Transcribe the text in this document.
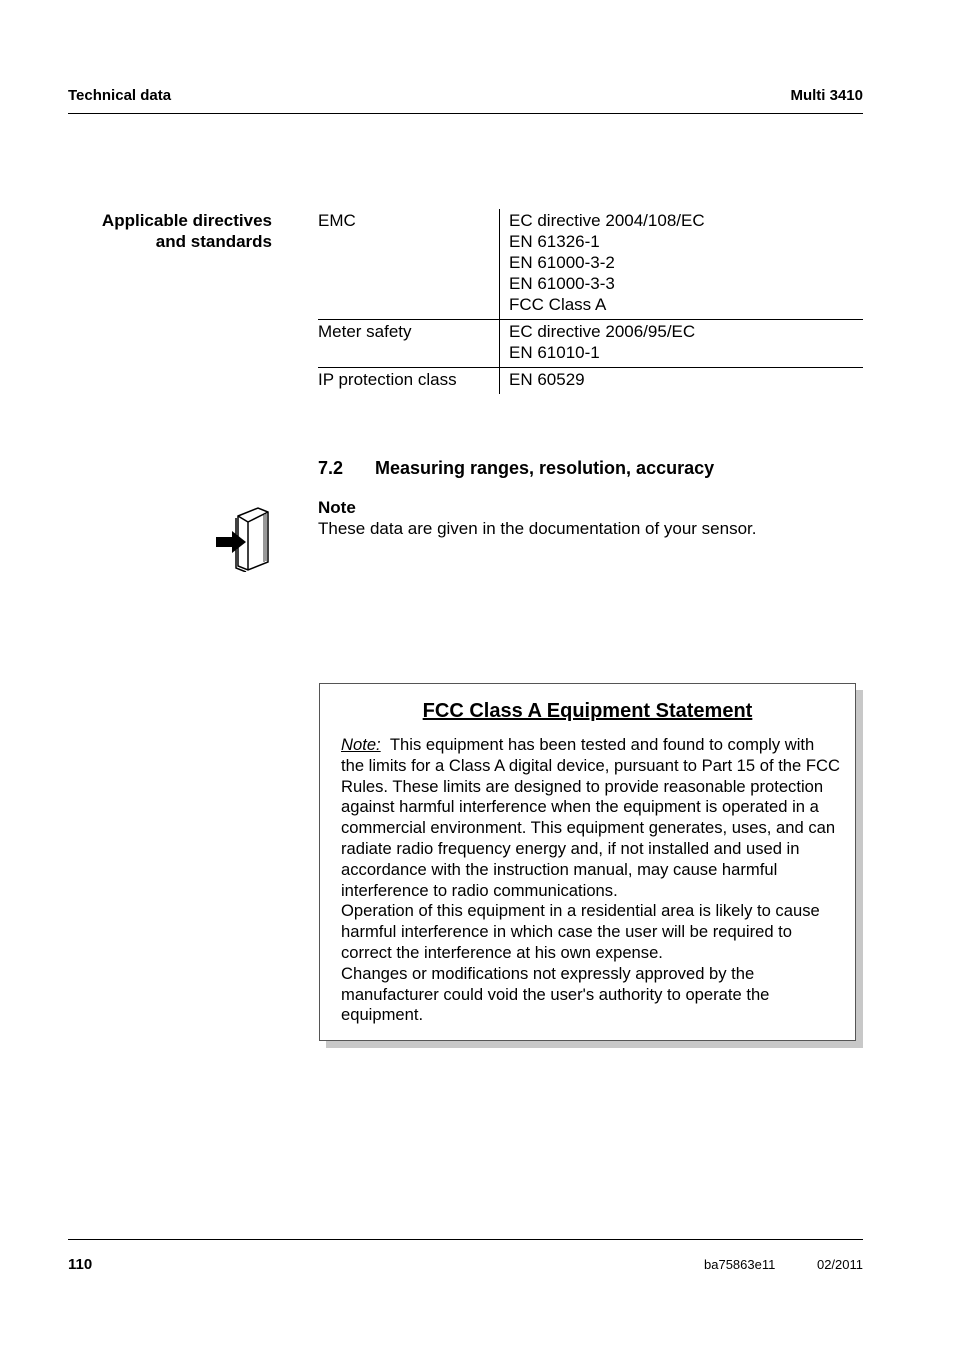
Technical data	Multi 3410
Applicable directives
and standards
EMC	EC directive 2004/108/EC
EN 61326-1
EN 61000-3-2
EN 61000-3-3
FCC Class A

Meter safety	EC directive 2006/95/EC
EN 61010-1

IP protection class	EN 60529
7.2 Measuring ranges, resolution, accuracy
Note
These data are given in the documentation of your sensor.
FCC Class A Equipment Statement

Note: This equipment has been tested and found to comply with the limits for a Class A digital device, pursuant to Part 15 of the FCC Rules. These limits are designed to provide reasonable protection against harmful interference when the equipment is operated in a commercial environment. This equipment generates, uses, and can radiate radio frequency energy and, if not installed and used in accordance with the instruction manual, may cause harmful interference to radio communications.

Operation of this equipment in a residential area is likely to cause harmful interference in which case the user will be required to correct the interference at his own expense.

Changes or modifications not expressly approved by the manufacturer could void the user's authority to operate the equipment.

110	ba75863e11	02/2011
